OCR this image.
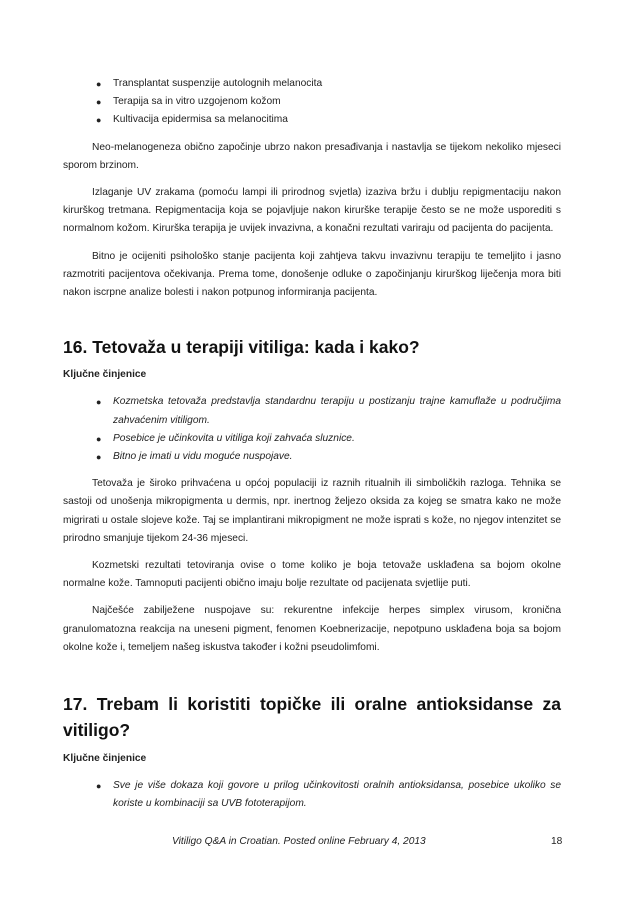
● Transplantat suspenzije autolognih melanocita
● Terapija sa in vitro uzgojenom kožom
● Kultivacija epidermisa sa melanocitima

Neo-melanogeneza obično započinje ubrzo nakon presađivanja i nastavlja se tijekom nekoliko mjeseci sporom brzinom.

Izlaganje UV zrakama (pomoću lampi ili prirodnog svjetla) izaziva bržu i dublju repigmentaciju nakon kirurškog tretmana. Repigmentacija koja se pojavljuje nakon kirurške terapije često se ne može usporediti s normalnom kožom. Kirurška terapija je uvijek invazivna, a konačni rezultati variraju od pacijenta do pacijenta.

Bitno je ocijeniti psihološko stanje pacijenta koji zahtjeva takvu invazivnu terapiju te temeljito i jasno razmotriti pacijentova očekivanja. Prema tome, donošenje odluke o započinjanju kirurškog liječenja mora biti nakon iscrpne analize bolesti i nakon potpunog informiranja pacijenta.

16. Tetovaža u terapiji vitiliga: kada i kako?
Ključne činjenice
● Kozmetska tetovaža predstavlja standardnu terapiju u postizanju trajne kamuflaže u područjima zahvaćenim vitiligom.
● Posebice je učinkovita u vitiliga koji zahvaća sluznice.
● Bitno je imati u vidu moguće nuspojave.

Tetovaža je široko prihvaćena u općoj populaciji iz raznih ritualnih ili simboličkih razloga. Tehnika se sastoji od unošenja mikropigmenta u dermis, npr. inertnog željezo oksida za kojeg se smatra kako ne može migrirati u ostale slojeve kože. Taj se implantirani mikropigment ne može isprati s kože, no njegov intenzitet se prirodno smanjuje tijekom 24-36 mjeseci.

Kozmetski rezultati tetoviranja ovise o tome koliko je boja tetovaže usklađena sa bojom okolne normalne kože. Tamnoputi pacijenti obično imaju bolje rezultate od pacijenata svjetlije puti.

Najčešće zabilježene nuspojave su: rekurentne infekcije herpes simplex virusom, kronična granulomatozna reakcija na uneseni pigment, fenomen Koebnerizacije, nepotpuno usklađena boja sa bojom okolne kože i, temeljem našeg iskustva također i kožni pseudolimfomi.

17. Trebam li koristiti topičke ili oralne antioksidanse za vitiligo?
Ključne činjenice
● Sve je više dokaza koji govore u prilog učinkovitosti oralnih antioksidansa, posebice ukoliko se koriste u kombinaciji sa UVB fototerapijom.
Vitiligo Q&A in Croatian. Posted online February 4, 2013	18
